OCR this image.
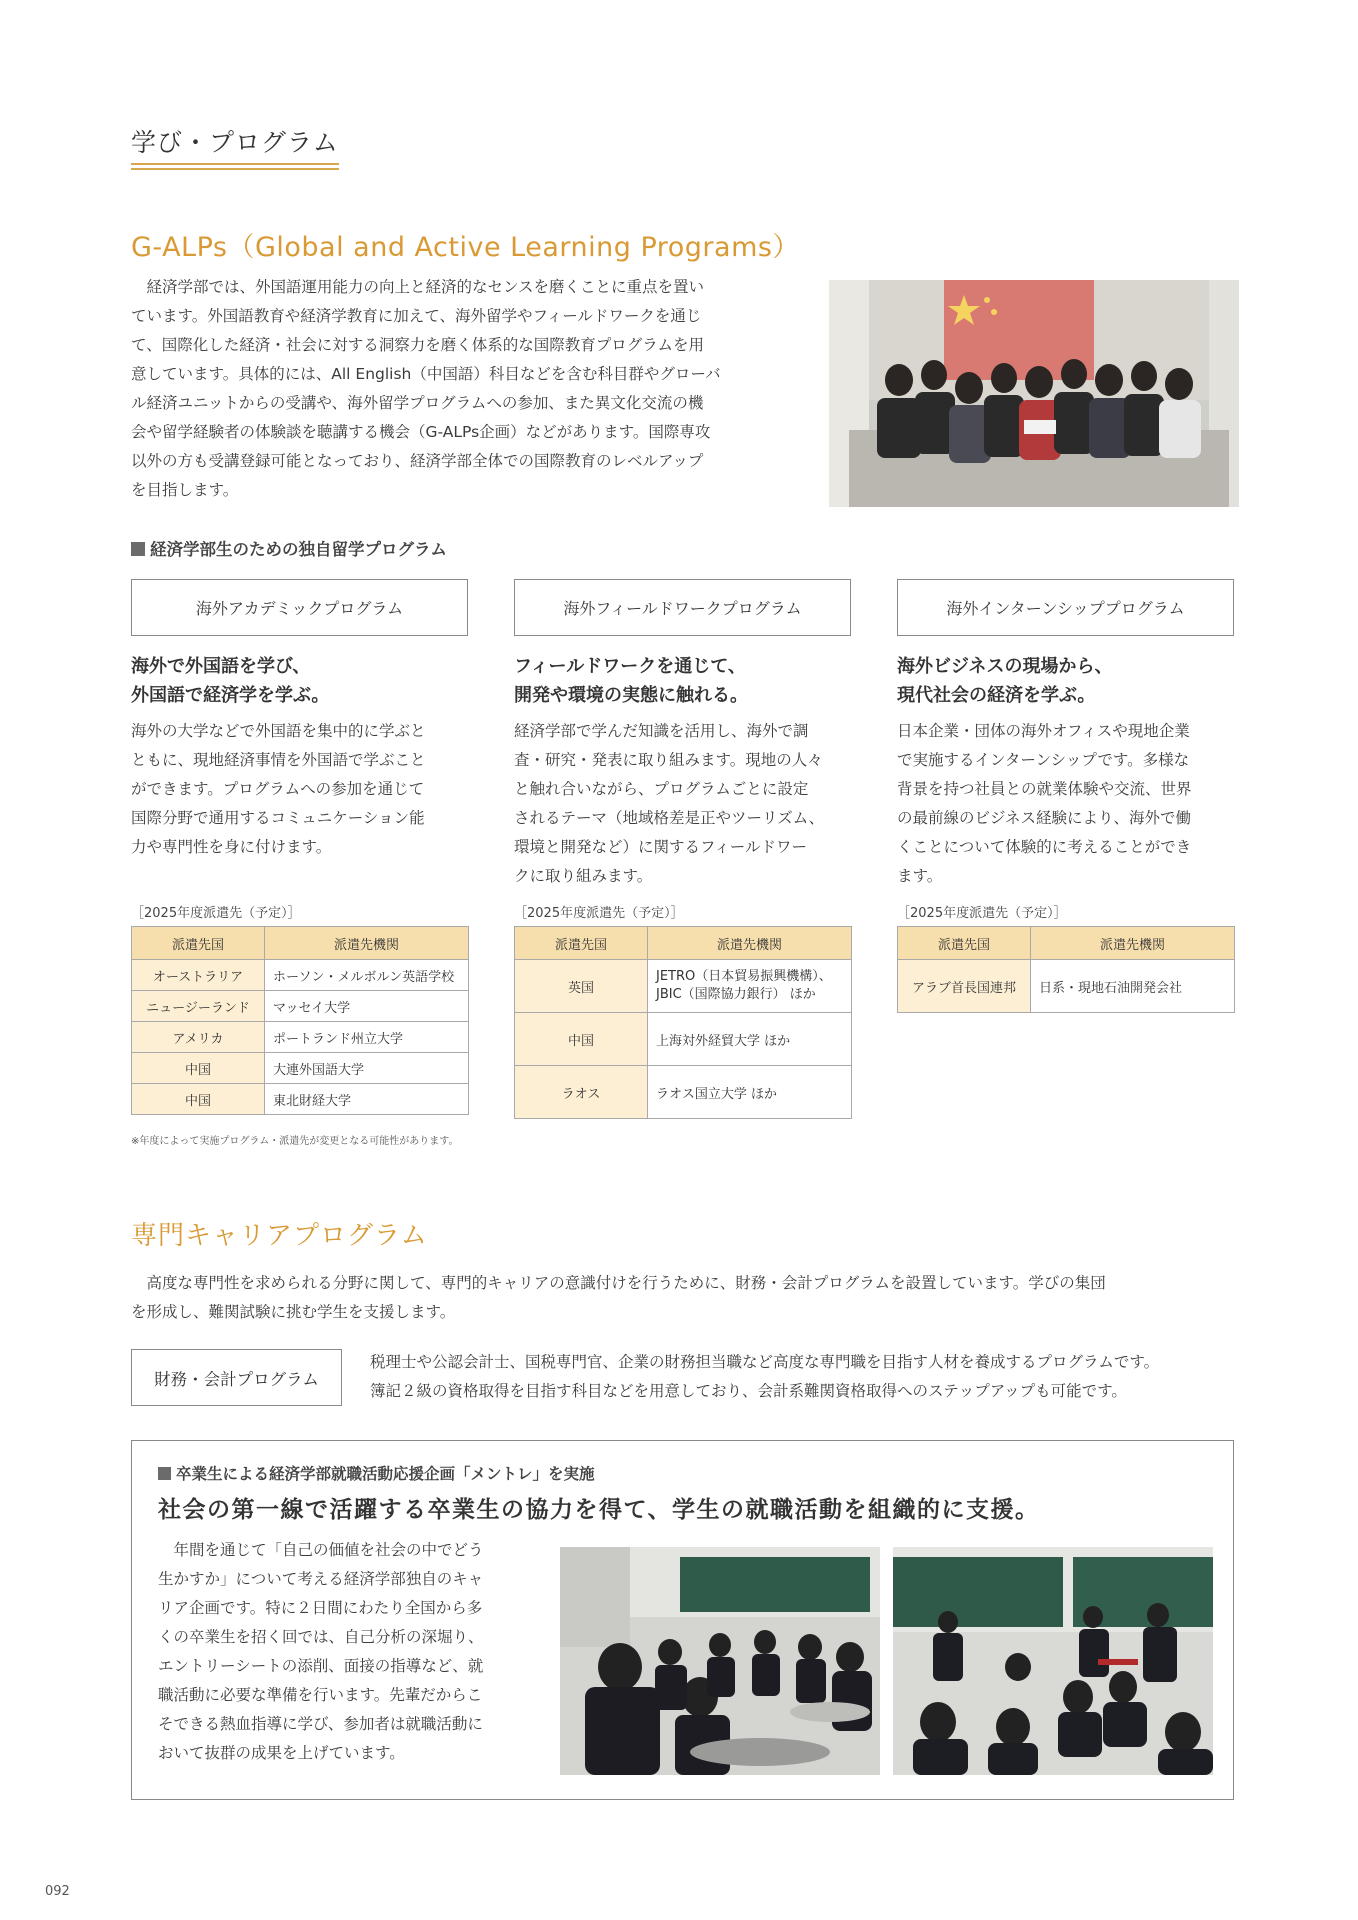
学び・プログラム
G-ALPs（Global and Active Learning Programs）
経済学部では、外国語運用能力の向上と経済的なセンスを磨くことに重点を置い
ています。外国語教育や経済学教育に加えて、海外留学やフィールドワークを通じ
て、国際化した経済・社会に対する洞察力を磨く体系的な国際教育プログラムを用
意しています。具体的には、All English（中国語）科目などを含む科目群やグローバ
ル経済ユニットからの受講や、海外留学プログラムへの参加、また異文化交流の機
会や留学経験者の体験談を聴講する機会（G-ALPs企画）などがあります。国際専攻
以外の方も受講登録可能となっており、経済学部全体での国際教育のレベルアップ
を目指します。
経済学部生のための独自留学プログラム
海外アカデミックプログラム	海外フィールドワークプログラム	海外インターンシッププログラム
海外で外国語を学び、
外国語で経済学を学ぶ。
海外の大学などで外国語を集中的に学ぶと
ともに、現地経済事情を外国語で学ぶこと
ができます。プログラムへの参加を通じて
国際分野で通用するコミュニケーション能
力や専門性を身に付けます。
フィールドワークを通じて、
開発や環境の実態に触れる。
経済学部で学んだ知識を活用し、海外で調
査・研究・発表に取り組みます。現地の人々
と触れ合いながら、プログラムごとに設定
されるテーマ（地域格差是正やツーリズム、
環境と開発など）に関するフィールドワー
クに取り組みます。
海外ビジネスの現場から、
現代社会の経済を学ぶ。
日本企業・団体の海外オフィスや現地企業
で実施するインターンシップです。多様な
背景を持つ社員との就業体験や交流、世界
の最前線のビジネス経験により、海外で働
くことについて体験的に考えることができ
ます。
［2025年度派遣先（予定）］	［2025年度派遣先（予定）］	［2025年度派遣先（予定）］
派遣先国	派遣先機関
オーストラリア	ホーソン・メルボルン英語学校
ニュージーランド	マッセイ大学
アメリカ	ポートランド州立大学
中国	大連外国語大学
中国	東北財経大学
派遣先国	派遣先機関
英国	JETRO（日本貿易振興機構）、
JBIC（国際協力銀行） ほか

中国	上海対外経貿大学 ほか
ラオス	ラオス国立大学 ほか
派遣先国	派遣先機関
アラブ首長国連邦	日系・現地石油開発会社
※年度によって実施プログラム・派遣先が変更となる可能性があります。
専門キャリアプログラム
高度な専門性を求められる分野に関して、専門的キャリアの意識付けを行うために、財務・会計プログラムを設置しています。学びの集団
を形成し、難関試験に挑む学生を支援します。
財務・会計プログラム
税理士や公認会計士、国税専門官、企業の財務担当職など高度な専門職を目指す人材を養成するプログラムです。
簿記２級の資格取得を目指す科目などを用意しており、会計系難関資格取得へのステップアップも可能です。
卒業生による経済学部就職活動応援企画「メントレ」を実施
社会の第一線で活躍する卒業生の協力を得て、学生の就職活動を組織的に支援。
年間を通じて「自己の価値を社会の中でどう
生かすか」について考える経済学部独自のキャ
リア企画です。特に２日間にわたり全国から多
くの卒業生を招く回では、自己分析の深堀り、
エントリーシートの添削、面接の指導など、就
職活動に必要な準備を行います。先輩だからこ
そできる熱血指導に学び、参加者は就職活動に
おいて抜群の成果を上げています。
092
